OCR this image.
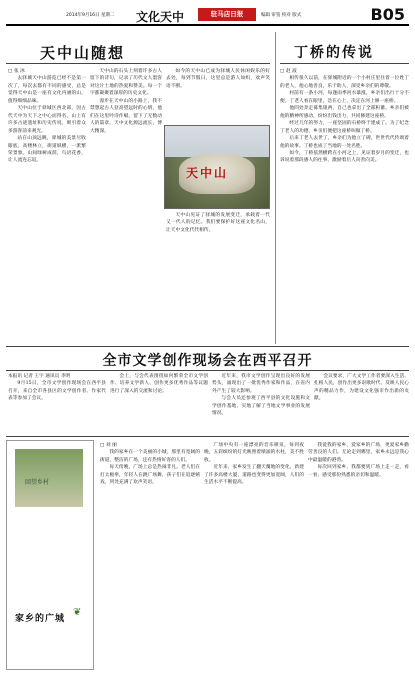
2014年9月16日 星期二 文化天中	驻马店日报	编辑 审签 校对 版式	B05
天中山随想
□ 张 冰

去驿城天中山游览已经不是第一次了，每次去都有不同的感受，总是觉得天中山是一座有文化内涵的山，值得细细品味。

天中山位于驿城区西北部，因古代天中为天下之中心而得名。山上有许多古迹遗址和历史传说，吸引着众多游客前来观光。

站在山顶远眺，驿城的美景尽收眼底，高楼林立，街道纵横，一派繁荣景象。山间绿树成荫，鸟语花香，让人流连忘返。

天中山的石头上刻着许多古人留下的诗句，记录了历代文人墨客对这片土地的热爱和赞美。每一个字都凝聚着深厚的历史文化。

漫步在天中山的小路上，我不禁想起古人登高望远时的心情，他们在这里吟诗作赋，留下了无数动人的篇章。天中文化源远流长，博大精深。

如今的天中山已成为驿城人民休闲娱乐的好去处，每到节假日，这里总是游人如织，欢声笑语不断。

天中山见证了驿城的发展变迁，承载着一代又一代人的记忆。我们要保护好这座文化名山，让天中文化代代相传。

天中山
丁桥的传说
□ 赵 波

相传很久以前，在驿城附近的一个小村庄里住着一位姓丁的老人，他心地善良，乐于助人，深受乡亲们的尊敬。

村前有一条小河，每逢雨季河水暴涨，乡亲们出行十分不便。丁老人看在眼里，急在心上，决定在河上修一座桥。

他四处奔走募集银两，自己也拿出了全部积蓄。乡亲们被他的精神所感动，纷纷出钱出力，共同修建这座桥。

经过几年的努力，一座坚固的石桥终于建成了。为了纪念丁老人的功德，乡亲们便把这座桥叫做丁桥。

后来丁老人去世了，乡亲们为他立了碑，世世代代传颂着他的故事。丁桥也成了当地的一处名胜。

如今，丁桥依然横跨在小河之上，见证着岁月的变迁，也诉说着那段感人的往事，激励着后人向善向美。

全市文学创作现场会在西平召开
本报讯 记者 王宇 通讯员 李明

9月15日，全市文学创作现场会在西平县召开，来自全市各县区的文学创作者、作家代表等参加了会议。

会上，与会代表围绕如何繁荣全市文学创作、培养文学新人、创作更多优秀作品等议题进行了深入的交流和讨论。

近年来，我市文学创作呈现出良好的发展势头，涌现出了一批优秀作家和作品，在省内外产生了较大影响。

与会人员还参观了西平县的文化设施和文学创作基地，实地了解了当地文学事业的发展情况。

会议要求，广大文学工作者要深入生活、扎根人民，创作出更多讴歌时代、反映人民心声的精品力作，为建设文化强市作出新的贡献。

回望乡村
家乡的广城
❦
□ 刘 丽

我的家乡在一个美丽的小城，那里有宽阔的街道，整洁的广场，还有热情好客的人们。

每天傍晚，广场上总是热闹非凡。老人们在打太极拳，年轻人在跳广场舞，孩子们在追逐嬉戏，到处充满了欢声笑语。

广场中央有一座漂亮的音乐喷泉，每到夜晚，五彩缤纷的灯光映照着喷涌的水柱，美不胜收。

近年来，家乡发生了翻天覆地的变化，新建了许多高楼大厦，道路也变得更加宽阔，人们的生活水平不断提高。

我爱我的家乡，爱家乡的广场，更爱家乡勤劳善良的人们。无论走到哪里，家乡永远是我心中最温暖的港湾。

每次回到家乡，我都要到广场上走一走，看一看，感受那份熟悉的亲切和温暖。
